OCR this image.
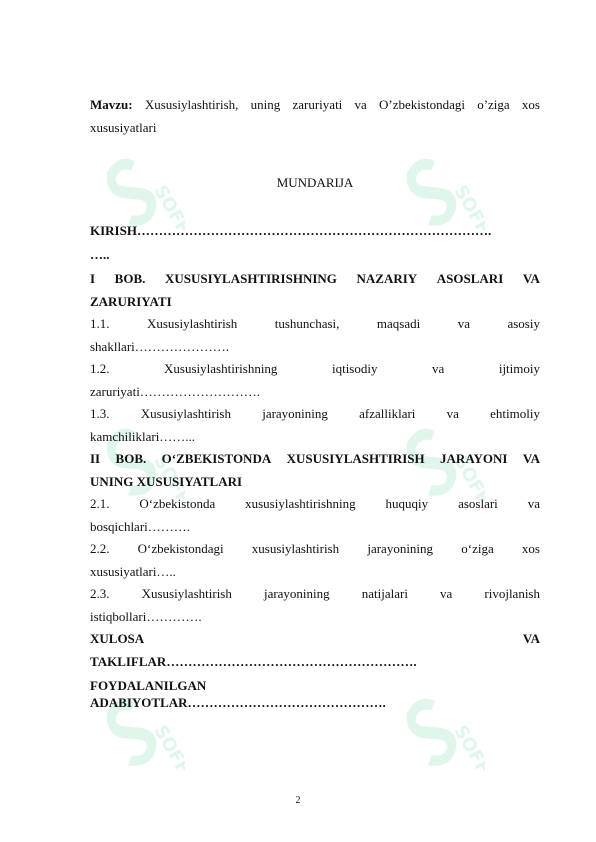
SOFF	SOFF
SOFF	SOFF
SOFF	SOFF
Mavzu: Xususiylashtirish, uning zaruriyati va O’zbekistondagi o’ziga xos
xususiyatlari
MUNDARIJA
KIRISH……………………………………………………………………….
…..
I BOB. XUSUSIYLASHTIRISHNING NAZARIY ASOSLARI VA
ZARURIYATI
1.1.	Xususiylashtirish	tushunchasi,	maqsadi	va	asosiy
shakllari………………….
1.2.	Xususiylashtirishning	iqtisodiy	va	ijtimoiy
zaruriyati……………………….
1.3. Xususiylashtirish jarayonining afzalliklari va ehtimoliy
kamchiliklari……...
II BOB. O‘ZBEKISTONDA XUSUSIYLASHTIRISH JARAYONI VA
UNING XUSUSIYATLARI
2.1. O‘zbekistonda xususiylashtirishning huquqiy asoslari va
bosqichlari……….
2.2. O‘zbekistondagi xususiylashtirish jarayonining o‘ziga xos
xususiyatlari…..
2.3. Xususiylashtirish jarayonining natijalari va rivojlanish
istiqbollari………….
XULOSA	VA
TAKLIFLAR………………………………………………….
FOYDALANILGAN
ADABIYOTLAR……………………………………….
2
